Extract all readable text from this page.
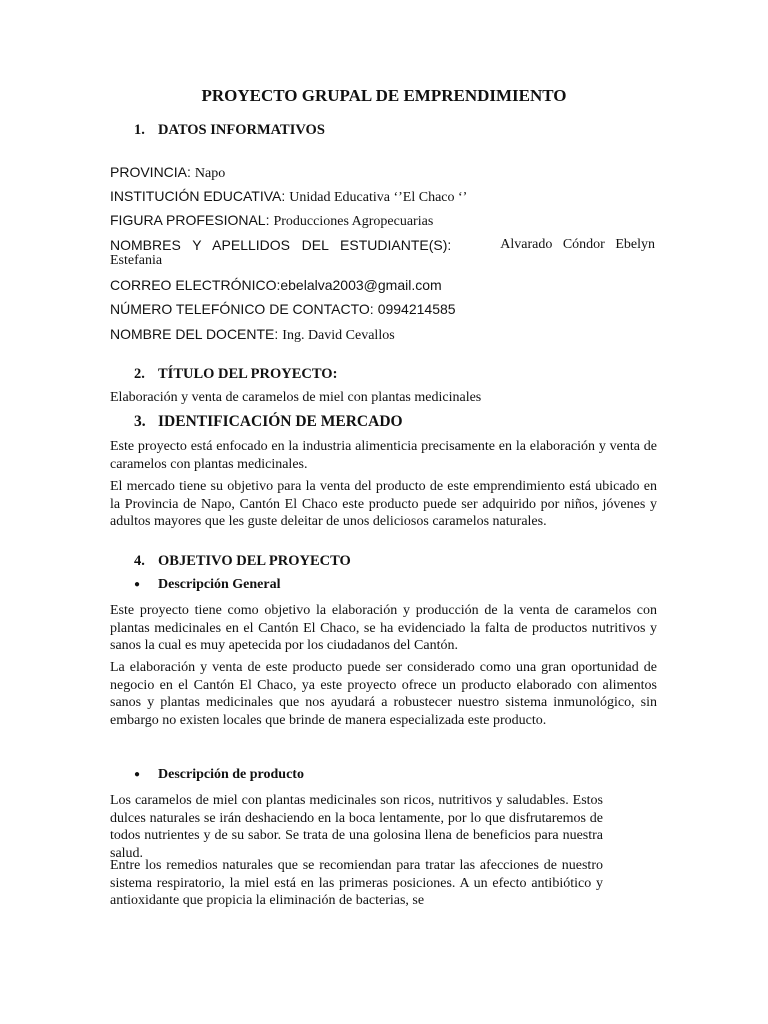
PROYECTO GRUPAL DE EMPRENDIMIENTO
1. DATOS INFORMATIVOS
PROVINCIA: Napo
INSTITUCIÓN EDUCATIVA: Unidad Educativa ‘’El Chaco ‘’
FIGURA PROFESIONAL: Producciones Agropecuarias
NOMBRES   Y   APELLIDOS   DEL   ESTUDIANTE(S):	Alvarado   Cóndor   Ebelyn
Estefania
CORREO ELECTRÓNICO:ebelalva2003@gmail.com
NÚMERO TELEFÓNICO DE CONTACTO: 0994214585
NOMBRE DEL DOCENTE: Ing. David Cevallos
2. TÍTULO DEL PROYECTO:
Elaboración y venta de caramelos de miel con plantas medicinales
3. IDENTIFICACIÓN DE MERCADO
Este proyecto está enfocado en la industria alimenticia precisamente en la elaboración y venta de caramelos con plantas medicinales.
El mercado tiene su objetivo para la venta del producto de este emprendimiento está ubicado en la Provincia de Napo, Cantón El Chaco este producto puede ser adquirido por niños, jóvenes y adultos mayores que les guste deleitar de unos deliciosos caramelos naturales.
4. OBJETIVO DEL PROYECTO
● Descripción General
Este proyecto tiene como objetivo la elaboración y producción de la venta de caramelos con plantas medicinales en el Cantón El Chaco, se ha evidenciado la falta de productos nutritivos y sanos la cual es muy apetecida por los ciudadanos del Cantón.
La elaboración y venta de este producto puede ser considerado como una gran oportunidad de negocio en el Cantón El Chaco, ya este proyecto ofrece un producto elaborado con alimentos sanos y plantas medicinales que nos ayudará a robustecer nuestro sistema inmunológico, sin embargo no existen locales que brinde de manera especializada este producto.
● Descripción de producto
Los caramelos de miel con plantas medicinales son ricos, nutritivos y saludables. Estos dulces naturales se irán deshaciendo en la boca lentamente, por lo que disfrutaremos de todos nutrientes y de su sabor. Se trata de una golosina llena de beneficios para nuestra salud.
Entre los remedios naturales que se recomiendan para tratar las afecciones de nuestro sistema respiratorio, la miel está en las primeras posiciones. A un efecto antibiótico y antioxidante que propicia la eliminación de bacterias, se
